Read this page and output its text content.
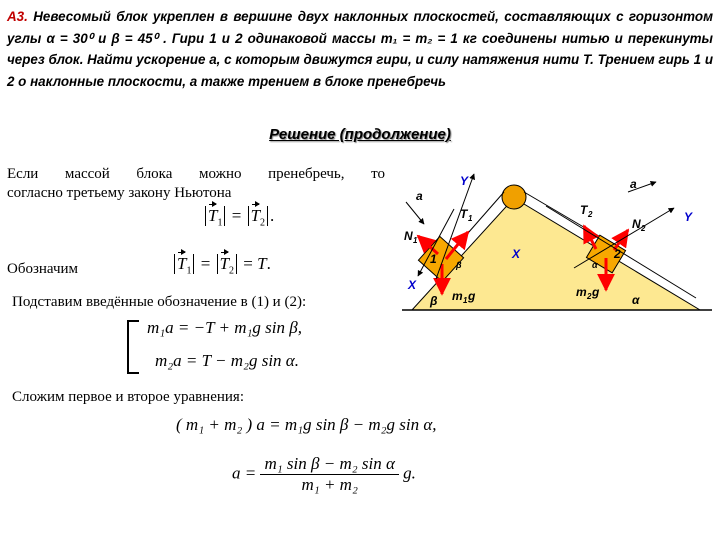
А3. Невесомый блок укреплен в вершине двух наклонных плоскостей, составляющих с горизонтом углы α = 30⁰ и β = 45⁰ . Гири 1 и 2 одинаковой массы m₁ = m₂ = 1 кг соединены нитью и перекинуты через блок. Найти ускорение a, с которым движутся гири, и силу натяжения нити T. Трением гирь 1 и 2 о наклонные плоскости, а также трением в блоке пренебречь
Решение (продолжение)
Если массой блока можно пренебречь, то
согласно третьему закону Ньютона
$T_1 = T_2$ .
Обозначим	$T_1 = T_2 = T$.
Подставим введённые обозначение в (1) и (2):
m₁a = −T + m₁g sin β,
m₂a = T − m₂g sin α.
Сложим первое и второе уравнения:
( m₁ + m₂ ) a = m₁g sin β − m₂g sin α,
$a = \frac{\text{m₁ sin β − m₂ sin α}}{\text{m₁ + m₂}} g$.
Y
Y
X
X
a
a
T 1
T 2
N 1
N 2
1	2
m 1 g	m 2 g
β	α
β	α
